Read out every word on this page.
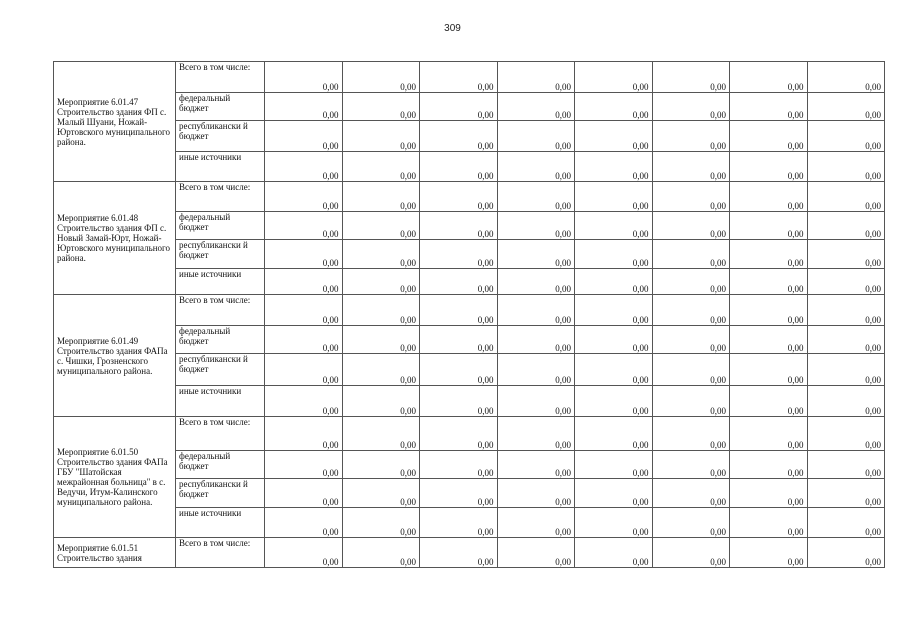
309
Мероприятие 6.01.47 Строительство здания ФП с. Малый Шуани, Ножай-Юртовского муниципального района.	Всего в том числе:	0,00	0,00	0,00	0,00	0,00	0,00	0,00	0,00
	федеральный бюджет	0,00	0,00	0,00	0,00	0,00	0,00	0,00	0,00
	республикански й бюджет	0,00	0,00	0,00	0,00	0,00	0,00	0,00	0,00
	иные источники	0,00	0,00	0,00	0,00	0,00	0,00	0,00	0,00
Мероприятие 6.01.48 Строительство здания ФП с. Новый Замай-Юрт, Ножай-Юртовского муниципального района.	Всего в том числе:	0,00	0,00	0,00	0,00	0,00	0,00	0,00	0,00
	федеральный бюджет	0,00	0,00	0,00	0,00	0,00	0,00	0,00	0,00
	республикански й бюджет	0,00	0,00	0,00	0,00	0,00	0,00	0,00	0,00
	иные источники	0,00	0,00	0,00	0,00	0,00	0,00	0,00	0,00
Мероприятие 6.01.49 Строительство здания ФАПа с. Чишки, Грозненского муниципального района.	Всего в том числе:	0,00	0,00	0,00	0,00	0,00	0,00	0,00	0,00
	федеральный бюджет	0,00	0,00	0,00	0,00	0,00	0,00	0,00	0,00
	республикански й бюджет	0,00	0,00	0,00	0,00	0,00	0,00	0,00	0,00
	иные источники	0,00	0,00	0,00	0,00	0,00	0,00	0,00	0,00
Мероприятие 6.01.50 Строительство здания ФАПа ГБУ "Шатойская межрайонная больница" в с. Ведучи, Итум-Калинского муниципального района.	Всего в том числе:	0,00	0,00	0,00	0,00	0,00	0,00	0,00	0,00
	федеральный бюджет	0,00	0,00	0,00	0,00	0,00	0,00	0,00	0,00
	республикански й бюджет	0,00	0,00	0,00	0,00	0,00	0,00	0,00	0,00
	иные источники	0,00	0,00	0,00	0,00	0,00	0,00	0,00	0,00
Мероприятие 6.01.51 Строительство здания	Всего в том числе:	0,00	0,00	0,00	0,00	0,00	0,00	0,00	0,00
